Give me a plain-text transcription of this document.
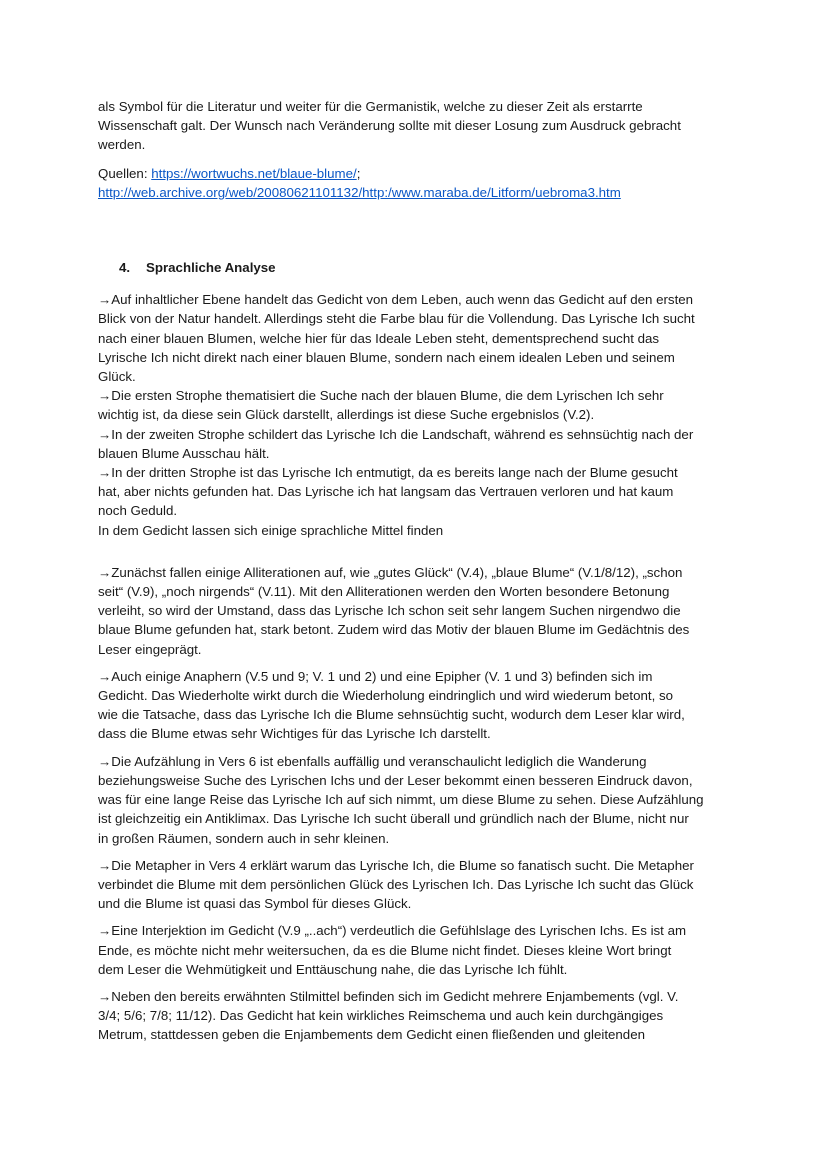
als Symbol für die Literatur und weiter für die Germanistik, welche zu dieser Zeit als erstarrte
Wissenschaft galt. Der Wunsch nach Veränderung sollte mit dieser Losung zum Ausdruck gebracht
werden.

Quellen: https://wortwuchs.net/blaue-blume/;
http://web.archive.org/web/20080621101132/http:/www.maraba.de/Litform/uebroma3.htm

4. Sprachliche Analyse

→Auf inhaltlicher Ebene handelt das Gedicht von dem Leben, auch wenn das Gedicht auf den ersten
Blick von der Natur handelt. Allerdings steht die Farbe blau für die Vollendung. Das Lyrische Ich sucht
nach einer blauen Blumen, welche hier für das Ideale Leben steht, dementsprechend sucht das
Lyrische Ich nicht direkt nach einer blauen Blume, sondern nach einem idealen Leben und seinem
Glück.

→Die ersten Strophe thematisiert die Suche nach der blauen Blume, die dem Lyrischen Ich sehr
wichtig ist, da diese sein Glück darstellt, allerdings ist diese Suche ergebnislos (V.2).

→In der zweiten Strophe schildert das Lyrische Ich die Landschaft, während es sehnsüchtig nach der
blauen Blume Ausschau hält.

→In der dritten Strophe ist das Lyrische Ich entmutigt, da es bereits lange nach der Blume gesucht
hat, aber nichts gefunden hat. Das Lyrische ich hat langsam das Vertrauen verloren und hat kaum
noch Geduld.

In dem Gedicht lassen sich einige sprachliche Mittel finden

→Zunächst fallen einige Alliterationen auf, wie „gutes Glück“ (V.4), „blaue Blume“ (V.1/8/12), „schon
seit“ (V.9), „noch nirgends“ (V.11). Mit den Alliterationen werden den Worten besondere Betonung
verleiht, so wird der Umstand, dass das Lyrische Ich schon seit sehr langem Suchen nirgendwo die
blaue Blume gefunden hat, stark betont. Zudem wird das Motiv der blauen Blume im Gedächtnis des
Leser eingeprägt.

→Auch einige Anaphern (V.5 und 9; V. 1 und 2) und eine Epipher (V. 1 und 3) befinden sich im
Gedicht. Das Wiederholte wirkt durch die Wiederholung eindringlich und wird wiederum betont, so
wie die Tatsache, dass das Lyrische Ich die Blume sehnsüchtig sucht, wodurch dem Leser klar wird,
dass die Blume etwas sehr Wichtiges für das Lyrische Ich darstellt.

→Die Aufzählung in Vers 6 ist ebenfalls auffällig und veranschaulicht lediglich die Wanderung
beziehungsweise Suche des Lyrischen Ichs und der Leser bekommt einen besseren Eindruck davon,
was für eine lange Reise das Lyrische Ich auf sich nimmt, um diese Blume zu sehen. Diese Aufzählung
ist gleichzeitig ein Antiklimax. Das Lyrische Ich sucht überall und gründlich nach der Blume, nicht nur
in großen Räumen, sondern auch in sehr kleinen.

→Die Metapher in Vers 4 erklärt warum das Lyrische Ich, die Blume so fanatisch sucht. Die Metapher
verbindet die Blume mit dem persönlichen Glück des Lyrischen Ich. Das Lyrische Ich sucht das Glück
und die Blume ist quasi das Symbol für dieses Glück.

→Eine Interjektion im Gedicht (V.9 „..ach“) verdeutlich die Gefühlslage des Lyrischen Ichs. Es ist am
Ende, es möchte nicht mehr weitersuchen, da es die Blume nicht findet. Dieses kleine Wort bringt
dem Leser die Wehmütigkeit und Enttäuschung nahe, die das Lyrische Ich fühlt.

→Neben den bereits erwähnten Stilmittel befinden sich im Gedicht mehrere Enjambements (vgl. V.
3/4; 5/6; 7/8; 11/12). Das Gedicht hat kein wirkliches Reimschema und auch kein durchgängiges
Metrum, stattdessen geben die Enjambements dem Gedicht einen fließenden und gleitenden
